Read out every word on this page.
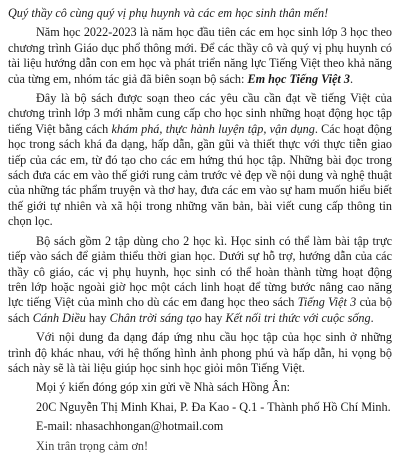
Quý thầy cô cùng quý vị phụ huynh và các em học sinh thân mến!

Năm học 2022-2023 là năm học đầu tiên các em học sinh lớp 3 học theo chương trình Giáo dục phổ thông mới. Để các thầy cô và quý vị phụ huynh có tài liệu hướng dẫn con em học và phát triển năng lực Tiếng Việt theo khả năng của từng em, nhóm tác giả đã biên soạn bộ sách: Em học Tiếng Việt 3.

Đây là bộ sách được soạn theo các yêu cầu cần đạt về tiếng Việt của chương trình lớp 3 mới nhằm cung cấp cho học sinh những hoạt động học tập tiếng Việt bằng cách khám phá, thực hành luyện tập, vận dụng. Các hoạt động học trong sách khá đa dạng, hấp dẫn, gần gũi và thiết thực với thực tiễn giao tiếp của các em, từ đó tạo cho các em hứng thú học tập. Những bài đọc trong sách đưa các em vào thế giới rung cảm trước vẻ đẹp về nội dung và nghệ thuật của những tác phẩm truyện và thơ hay, đưa các em vào sự ham muốn hiểu biết thế giới tự nhiên và xã hội trong những văn bản, bài viết cung cấp thông tin chọn lọc.

Bộ sách gồm 2 tập dùng cho 2 học kì. Học sinh có thể làm bài tập trực tiếp vào sách để giảm thiểu thời gian học. Dưới sự hỗ trợ, hướng dẫn của các thầy cô giáo, các vị phụ huynh, học sinh có thể hoàn thành từng hoạt động trên lớp hoặc ngoài giờ học một cách linh hoạt để từng bước nâng cao năng lực tiếng Việt của mình cho dù các em đang học theo sách Tiếng Việt 3 của bộ sách Cánh Diều hay Chân trời sáng tạo hay Kết nối tri thức với cuộc sống.

Với nội dung đa dạng đáp ứng nhu cầu học tập của học sinh ở những trình độ khác nhau, với hệ thống hình ảnh phong phú và hấp dẫn, hi vọng bộ sách này sẽ là tài liệu giúp học sinh học giỏi môn Tiếng Việt.

Mọi ý kiến đóng góp xin gửi về Nhà sách Hồng Ân:

20C Nguyễn Thị Minh Khai, P. Đa Kao - Q.1 - Thành phố Hồ Chí Minh.

E-mail: nhasachhongan@hotmail.com

Xin trân trọng cảm ơn!
